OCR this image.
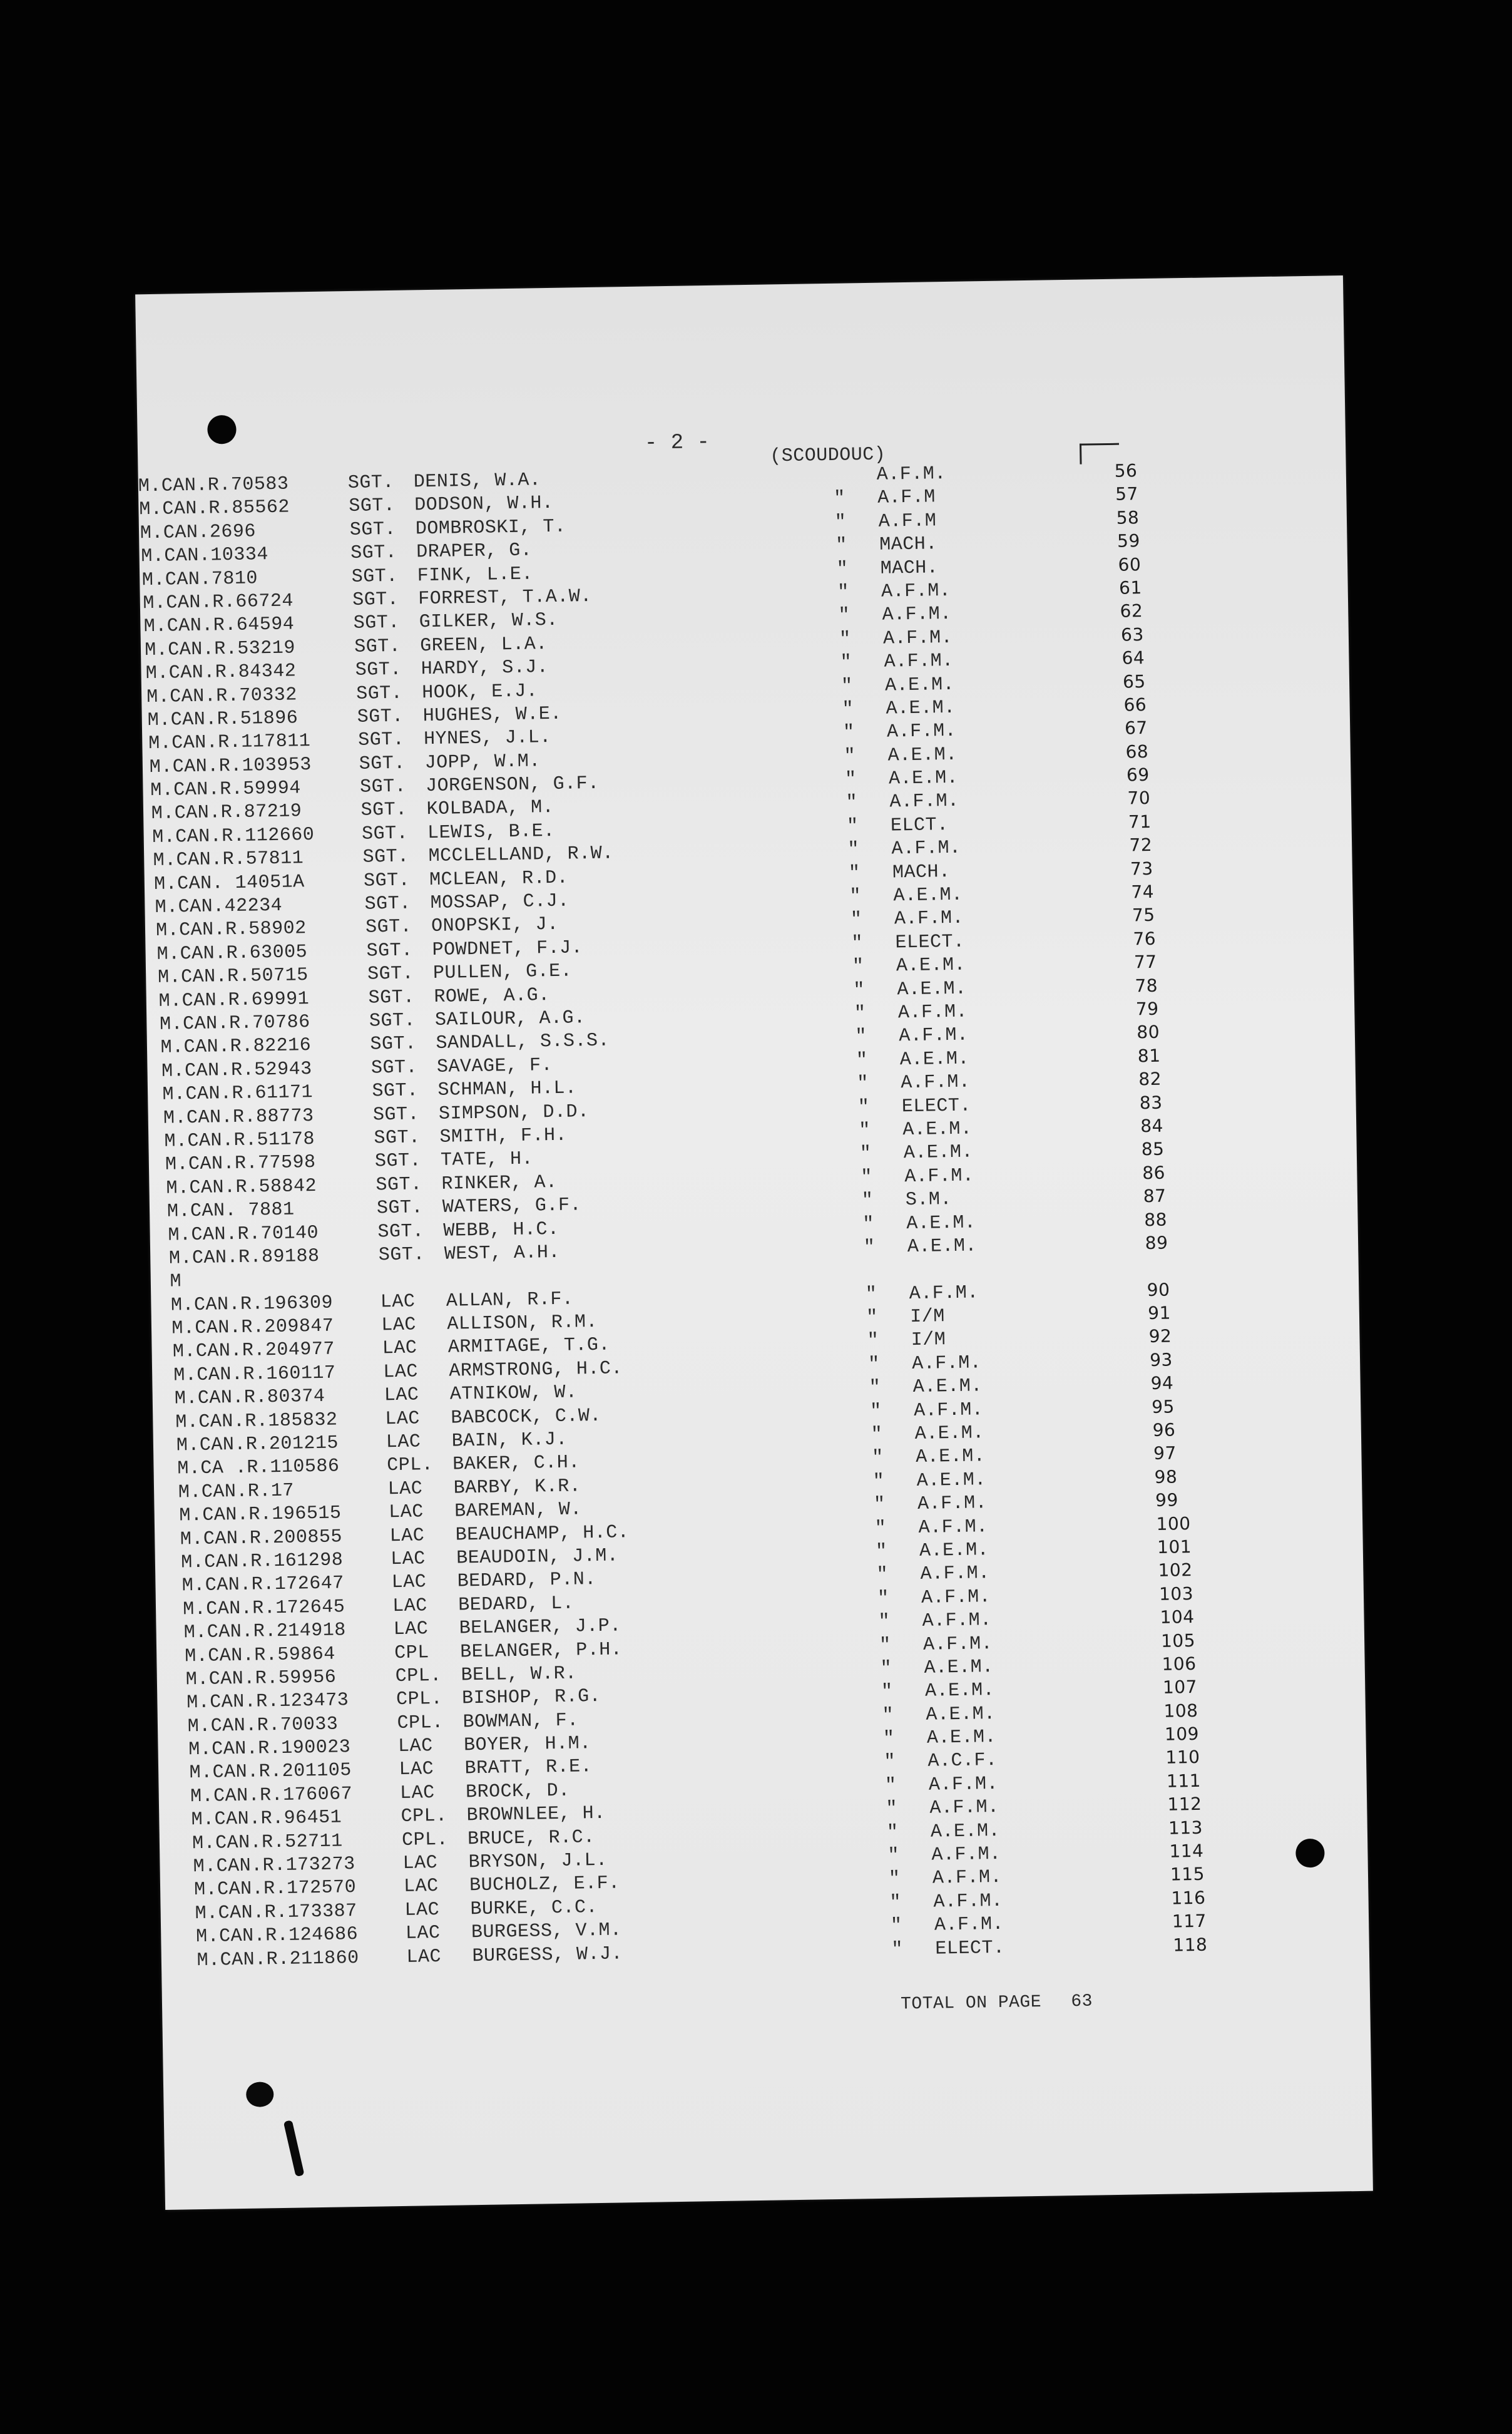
- 2 -
(SCOUDOUC)
M.CAN.R.70583	SGT. DENIS, W.A.	A.F.M.	56
M.CAN.R.85562	SGT. DODSON, W.H.	" A.F.M	57
M.CAN.2696	SGT. DOMBROSKI, T.	" A.F.M	58
M.CAN.10334	SGT. DRAPER, G.	" MACH.	59
M.CAN.7810	SGT. FINK, L.E.	" MACH.	60
M.CAN.R.66724	SGT. FORREST, T.A.W.	" A.F.M.	61
M.CAN.R.64594	SGT. GILKER, W.S.	" A.F.M.	62
M.CAN.R.53219	SGT. GREEN, L.A.	" A.F.M.	63
M.CAN.R.84342	SGT. HARDY, S.J.	" A.F.M.	64
M.CAN.R.70332	SGT. HOOK, E.J.	" A.E.M.	65
M.CAN.R.51896	SGT. HUGHES, W.E.	" A.E.M.	66
M.CAN.R.117811	SGT. HYNES, J.L.	" A.F.M.	67
M.CAN.R.103953	SGT. JOPP, W.M.	" A.E.M.	68
M.CAN.R.59994	SGT. JORGENSON, G.F.	" A.E.M.	69
M.CAN.R.87219	SGT. KOLBADA, M.	" A.F.M.	70
M.CAN.R.112660	SGT. LEWIS, B.E.	" ELCT.	71
M.CAN.R.57811	SGT. MCCLELLAND, R.W.	" A.F.M.	72
M.CAN. 14051A	SGT. MCLEAN, R.D.	" MACH.	73
M.CAN.42234	SGT. MOSSAP, C.J.	" A.E.M.	74
M.CAN.R.58902	SGT. ONOPSKI, J.	" A.F.M.	75
M.CAN.R.63005	SGT. POWDNET, F.J.	" ELECT.	76
M.CAN.R.50715	SGT. PULLEN, G.E.	" A.E.M.	77
M.CAN.R.69991	SGT. ROWE, A.G.	" A.E.M.	78
M.CAN.R.70786	SGT. SAILOUR, A.G.	" A.F.M.	79
M.CAN.R.82216	SGT. SANDALL, S.S.S.	" A.F.M.	80
M.CAN.R.52943	SGT. SAVAGE, F.	" A.E.M.	81
M.CAN.R.61171	SGT. SCHMAN, H.L.	" A.F.M.	82
M.CAN.R.88773	SGT. SIMPSON, D.D.	" ELECT.	83
M.CAN.R.51178	SGT. SMITH, F.H.	" A.E.M.	84
M.CAN.R.77598	SGT. TATE, H.	" A.E.M.	85
M.CAN.R.58842	SGT. RINKER, A.	" A.F.M.	86
M.CAN. 7881	SGT. WATERS, G.F.	" S.M.	87
M.CAN.R.70140	SGT. WEBB, H.C.	" A.E.M.	88
M.CAN.R.89188	SGT. WEST, A.H.	" A.E.M.	89
M
M.CAN.R.196309	LAC ALLAN, R.F.	" A.F.M.	90
M.CAN.R.209847	LAC ALLISON, R.M.	" I/M	91
M.CAN.R.204977	LAC ARMITAGE, T.G.	" I/M	92
M.CAN.R.160117	LAC ARMSTRONG, H.C.	" A.F.M.	93
M.CAN.R.80374	LAC ATNIKOW, W.	" A.E.M.	94
M.CAN.R.185832	LAC BABCOCK, C.W.	" A.F.M.	95
M.CAN.R.201215	LAC BAIN, K.J.	" A.E.M.	96
M.CA .R.110586	CPL. BAKER, C.H.	" A.E.M.	97
M.CAN.R.17	LAC BARBY, K.R.	" A.E.M.	98
M.CAN.R.196515	LAC BAREMAN, W.	" A.F.M.	99
M.CAN.R.200855	LAC BEAUCHAMP, H.C.	" A.F.M.	100
M.CAN.R.161298	LAC BEAUDOIN, J.M.	" A.E.M.	101
M.CAN.R.172647	LAC BEDARD, P.N.	" A.F.M.	102
M.CAN.R.172645	LAC BEDARD, L.	" A.F.M.	103
M.CAN.R.214918	LAC BELANGER, J.P.	" A.F.M.	104
M.CAN.R.59864	CPL BELANGER, P.H.	" A.F.M.	105
M.CAN.R.59956	CPL. BELL, W.R.	" A.E.M.	106
M.CAN.R.123473	CPL. BISHOP, R.G.	" A.E.M.	107
M.CAN.R.70033	CPL. BOWMAN, F.	" A.E.M.	108
M.CAN.R.190023	LAC BOYER, H.M.	" A.E.M.	109
M.CAN.R.201105	LAC BRATT, R.E.	" A.C.F.	110
M.CAN.R.176067	LAC BROCK, D.	" A.F.M.	111
M.CAN.R.96451	CPL. BROWNLEE, H.	" A.F.M.	112
M.CAN.R.52711	CPL. BRUCE, R.C.	" A.E.M.	113
M.CAN.R.173273	LAC BRYSON, J.L.	" A.F.M.	114
M.CAN.R.172570	LAC BUCHOLZ, E.F.	" A.F.M.	115
M.CAN.R.173387	LAC BURKE, C.C.	" A.F.M.	116
M.CAN.R.124686	LAC BURGESS, V.M.	" A.F.M.	117
M.CAN.R.211860	LAC BURGESS, W.J.	" ELECT.	118
TOTAL ON PAGE 63
